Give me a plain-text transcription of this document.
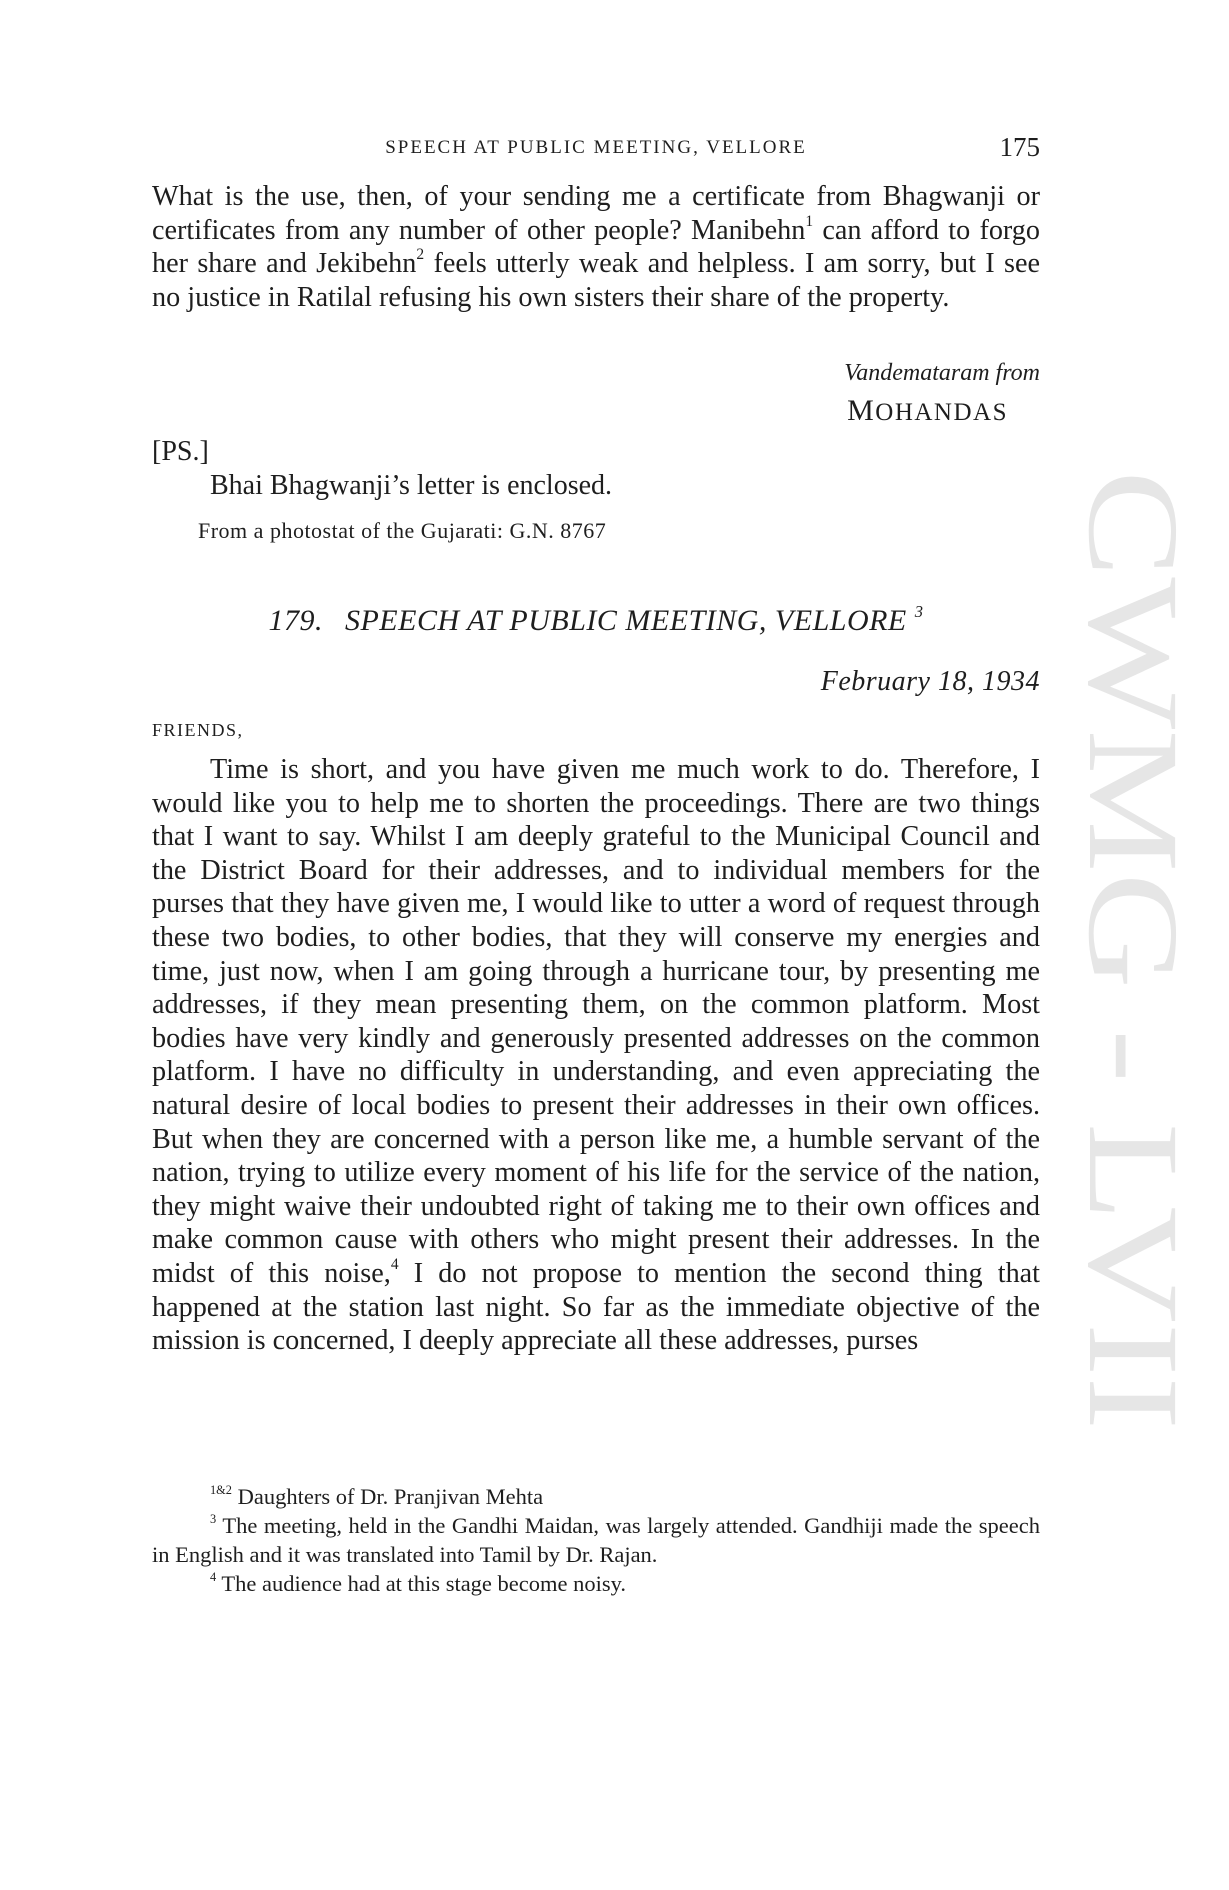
SPEECH AT PUBLIC MEETING, VELLORE	175

What is the use, then, of your sending me a certificate from Bhagwanji or certificates from any number of other people? Manibehn$^1$ can afford to forgo her share and Jekibehn$^2$ feels utterly weak and helpless. I am sorry, but I see no justice in Ratilal refusing his own sisters their share of the property.

Vandemataram from
MOHANDAS
[PS.]
Bhai Bhagwanji’s letter is enclosed.
From a photostat of the Gujarati: G.N. 8767
179. SPEECH AT PUBLIC MEETING, VELLORE $^3$
February 18, 1934
FRIENDS,

Time is short, and you have given me much work to do. Therefore, I would like you to help me to shorten the proceedings. There are two things that I want to say. Whilst I am deeply grateful to the Municipal Council and the District Board for their addresses, and to individual members for the purses that they have given me, I would like to utter a word of request through these two bodies, to other bodies, that they will conserve my energies and time, just now, when I am going through a hurricane tour, by presenting me addresses, if they mean presenting them, on the common platform. Most bodies have very kindly and generously presented addresses on the common platform. I have no difficulty in understanding, and even appreciating the natural desire of local bodies to present their addresses in their own offices. But when they are concerned with a person like me, a humble servant of the nation, trying to utilize every moment of his life for the service of the nation, they might waive their undoubted right of taking me to their own offices and make common cause with others who might present their addresses. In the midst of this noise,$^4$ I do not propose to mention the second thing that happened at the station last night. So far as the immediate objective of the mission is concerned, I deeply appreciate all these addresses, purses

$^{1\&2}$ Daughters of Dr. Pranjivan Mehta

$^3$ The meeting, held in the Gandhi Maidan, was largely attended. Gandhiji made the speech in English and it was translated into Tamil by Dr. Rajan.

$^4$ The audience had at this stage become noisy.

CWMG - LVII
